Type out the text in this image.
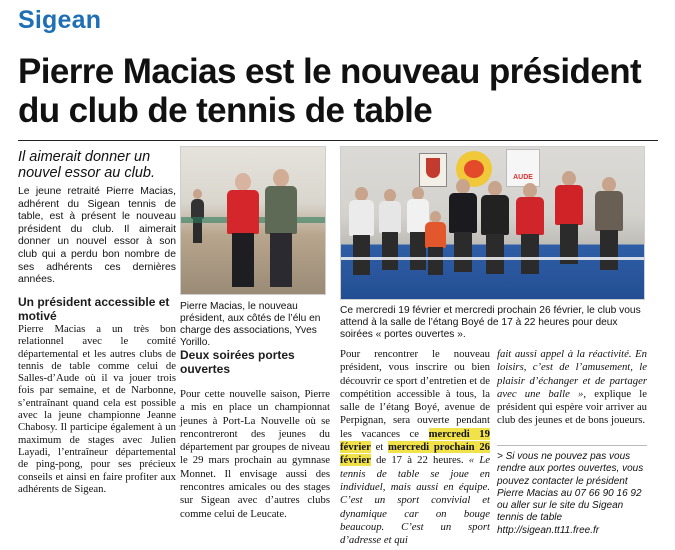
Sigean
Pierre Macias est le nouveau président du club de tennis de table
Il aimerait donner un nouvel essor au club.

Le jeune retraité Pierre Macias, adhérent du Sigean tennis de table, est à présent le nouveau président du club. Il aimerait donner un nouvel essor à son club qui a perdu bon nombre de ses adhérents ces dernières années.

Un président accessible et motivé

Pierre Macias a un très bon relationnel avec le comité départemental et les autres clubs de tennis de table comme celui de Salles-d’Aude où il va jouer trois fois par semaine, et de Narbonne, s’entraînant quand cela est possible avec la jeune championne Jeanne Chabosy. Il participe également à un maximum de stages avec Julien Layadi, l’entraîneur départemental de ping-pong, pour ses précieux conseils et ainsi en faire profiter aux adhérents de Sigean.

AUDE
Pierre Macias, le nouveau président, aux côtés de l’élu en charge des associations, Yves Yorillo.
Ce mercredi 19 février et mercredi prochain 26 février, le club vous attend à la salle de l’étang Boyé de 17 à 22 heures pour deux soirées « portes ouvertes ».
Deux soirées portes ouvertes

Pour cette nouvelle saison, Pierre a mis en place un championnat jeunes à Port-La Nouvelle où se rencontreront des jeunes du département par groupes de niveau le 29 mars prochain au gymnase Monnet. Il envisage aussi des rencontres amicales ou des stages sur Sigean avec d’autres clubs comme celui de Leucate.

Pour rencontrer le nouveau président, vous inscrire ou bien découvrir ce sport d’entretien et de compétition accessible à tous, la salle de l’étang Boyé, avenue de Perpignan, sera ouverte pendant les vacances ce mercredi 19 février et mercredi prochain 26 février de 17 à 22 heures. « Le tennis de table se joue en individuel, mais aussi en équipe. C’est un sport convivial et dynamique car on bouge beaucoup. C’est un sport d’adresse et qui

fait aussi appel à la réactivité. En loisirs, c’est de l’amusement, le plaisir d’échanger et de partager avec une balle », explique le président qui espère voir arriver au club des jeunes et de bons joueurs.

> Si vous ne pouvez pas vous rendre aux portes ouvertes, vous pouvez contacter le président Pierre Macias au 07 66 90 16 92 ou aller sur le site du Sigean tennis de table http://sigean.tt11.free.fr
